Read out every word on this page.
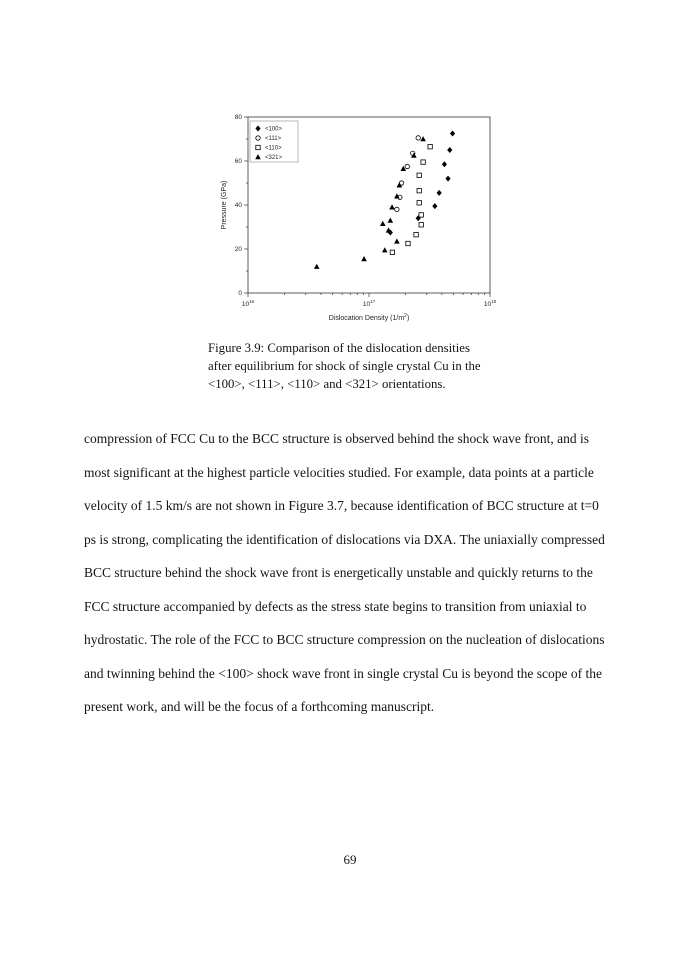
$10^{16}$	$10^{17}$	$10^{18}$
0
20
40
60
80
Dislocation Density $(1/m^2)$
Pressure (GPa)
<100>
<111>
<110>
<321>
Figure 3.9: Comparison of the dislocation densities
after equilibrium for shock of single crystal Cu in the
<100>, <111>, <110> and <321> orientations.
compression of FCC Cu to the BCC structure is observed behind the shock wave front, and is
most significant at the highest particle velocities studied. For example, data points at a particle
velocity of 1.5 km/s are not shown in Figure 3.7, because identification of BCC structure at t=0
ps is strong, complicating the identification of dislocations via DXA. The uniaxially compressed
BCC structure behind the shock wave front is energetically unstable and quickly returns to the
FCC structure accompanied by defects as the stress state begins to transition from uniaxial to
hydrostatic. The role of the FCC to BCC structure compression on the nucleation of dislocations
and twinning behind the <100> shock wave front in single crystal Cu is beyond the scope of the
present work, and will be the focus of a forthcoming manuscript.
69
